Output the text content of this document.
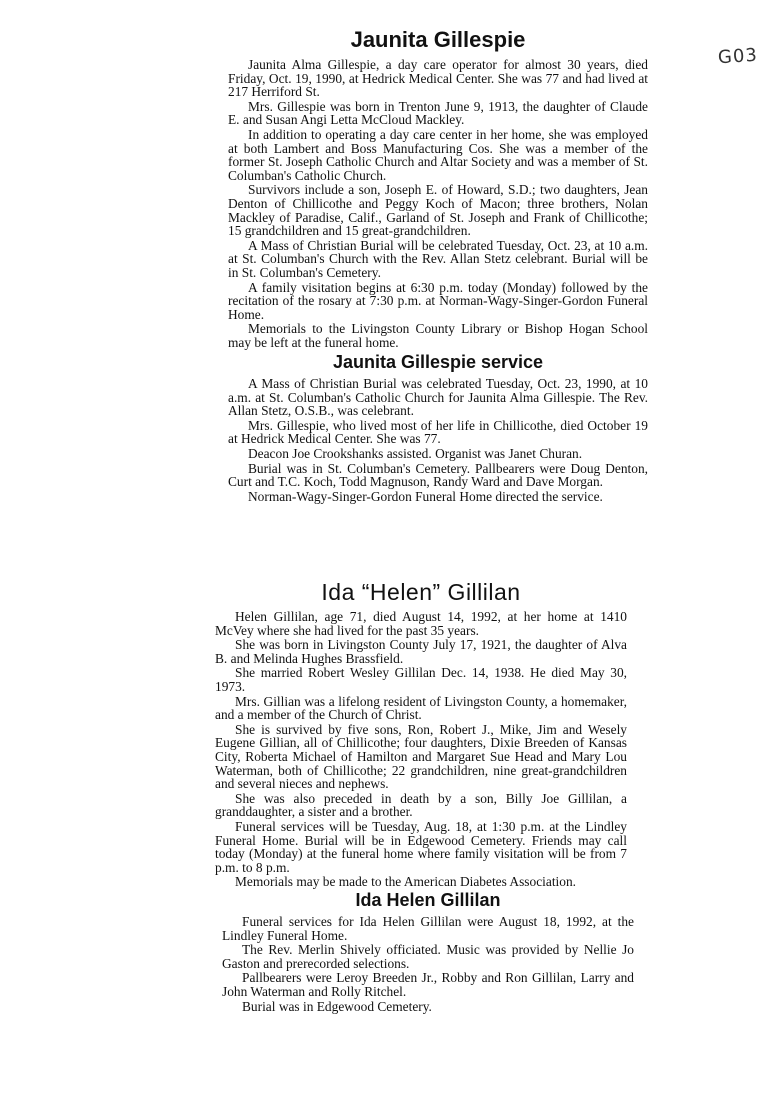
G03
Jaunita Gillespie

Jaunita Alma Gillespie, a day care operator for almost 30 years, died Friday, Oct. 19, 1990, at Hedrick Medical Center. She was 77 and had lived at 217 Herriford St.

Mrs. Gillespie was born in Trenton June 9, 1913, the daughter of Claude E. and Susan Angi Letta McCloud Mackley.

In addition to operating a day care center in her home, she was employed at both Lambert and Boss Manufacturing Cos. She was a member of the former St. Joseph Catholic Church and Altar Society and was a member of St. Columban's Catholic Church.

Survivors include a son, Joseph E. of Howard, S.D.; two daughters, Jean Denton of Chillicothe and Peggy Koch of Macon; three brothers, Nolan Mackley of Paradise, Calif., Garland of St. Joseph and Frank of Chillicothe; 15 grandchildren and 15 great-grandchildren.

A Mass of Christian Burial will be celebrated Tuesday, Oct. 23, at 10 a.m. at St. Columban's Church with the Rev. Allan Stetz celebrant. Burial will be in St. Columban's Cemetery.

A family visitation begins at 6:30 p.m. today (Monday) followed by the recitation of the rosary at 7:30 p.m. at Norman-Wagy-Singer-Gordon Funeral Home.

Memorials to the Livingston County Library or Bishop Hogan School may be left at the funeral home.

Jaunita Gillespie service

A Mass of Christian Burial was celebrated Tuesday, Oct. 23, 1990, at 10 a.m. at St. Columban's Catholic Church for Jaunita Alma Gillespie. The Rev. Allan Stetz, O.S.B., was celebrant.

Mrs. Gillespie, who lived most of her life in Chillicothe, died October 19 at Hedrick Medical Center. She was 77.

Deacon Joe Crookshanks assisted. Organist was Janet Churan.

Burial was in St. Columban's Cemetery. Pallbearers were Doug Denton, Curt and T.C. Koch, Todd Magnuson, Randy Ward and Dave Morgan.

Norman-Wagy-Singer-Gordon Funeral Home directed the service.

Ida “Helen” Gillilan

Helen Gillilan, age 71, died August 14, 1992, at her home at 1410 McVey where she had lived for the past 35 years.

She was born in Livingston County July 17, 1921, the daughter of Alva B. and Melinda Hughes Brassfield.

She married Robert Wesley Gillilan Dec. 14, 1938. He died May 30, 1973.

Mrs. Gillian was a lifelong resident of Livingston County, a homemaker, and a member of the Church of Christ.

She is survived by five sons, Ron, Robert J., Mike, Jim and Wesely Eugene Gillian, all of Chillicothe; four daughters, Dixie Breeden of Kansas City, Roberta Michael of Hamilton and Margaret Sue Head and Mary Lou Waterman, both of Chillicothe; 22 grandchildren, nine great-grandchildren and several nieces and nephews.

She was also preceded in death by a son, Billy Joe Gillilan, a granddaughter, a sister and a brother.

Funeral services will be Tuesday, Aug. 18, at 1:30 p.m. at the Lindley Funeral Home. Burial will be in Edgewood Cemetery. Friends may call today (Monday) at the funeral home where family visitation will be from 7 p.m. to 8 p.m.

Memorials may be made to the American Diabetes Association.

Ida Helen Gillilan

Funeral services for Ida Helen Gillilan were August 18, 1992, at the Lindley Funeral Home.

The Rev. Merlin Shively officiated. Music was provided by Nellie Jo Gaston and prerecorded selections.

Pallbearers were Leroy Breeden Jr., Robby and Ron Gillilan, Larry and John Waterman and Rolly Ritchel.

Burial was in Edgewood Cemetery.
